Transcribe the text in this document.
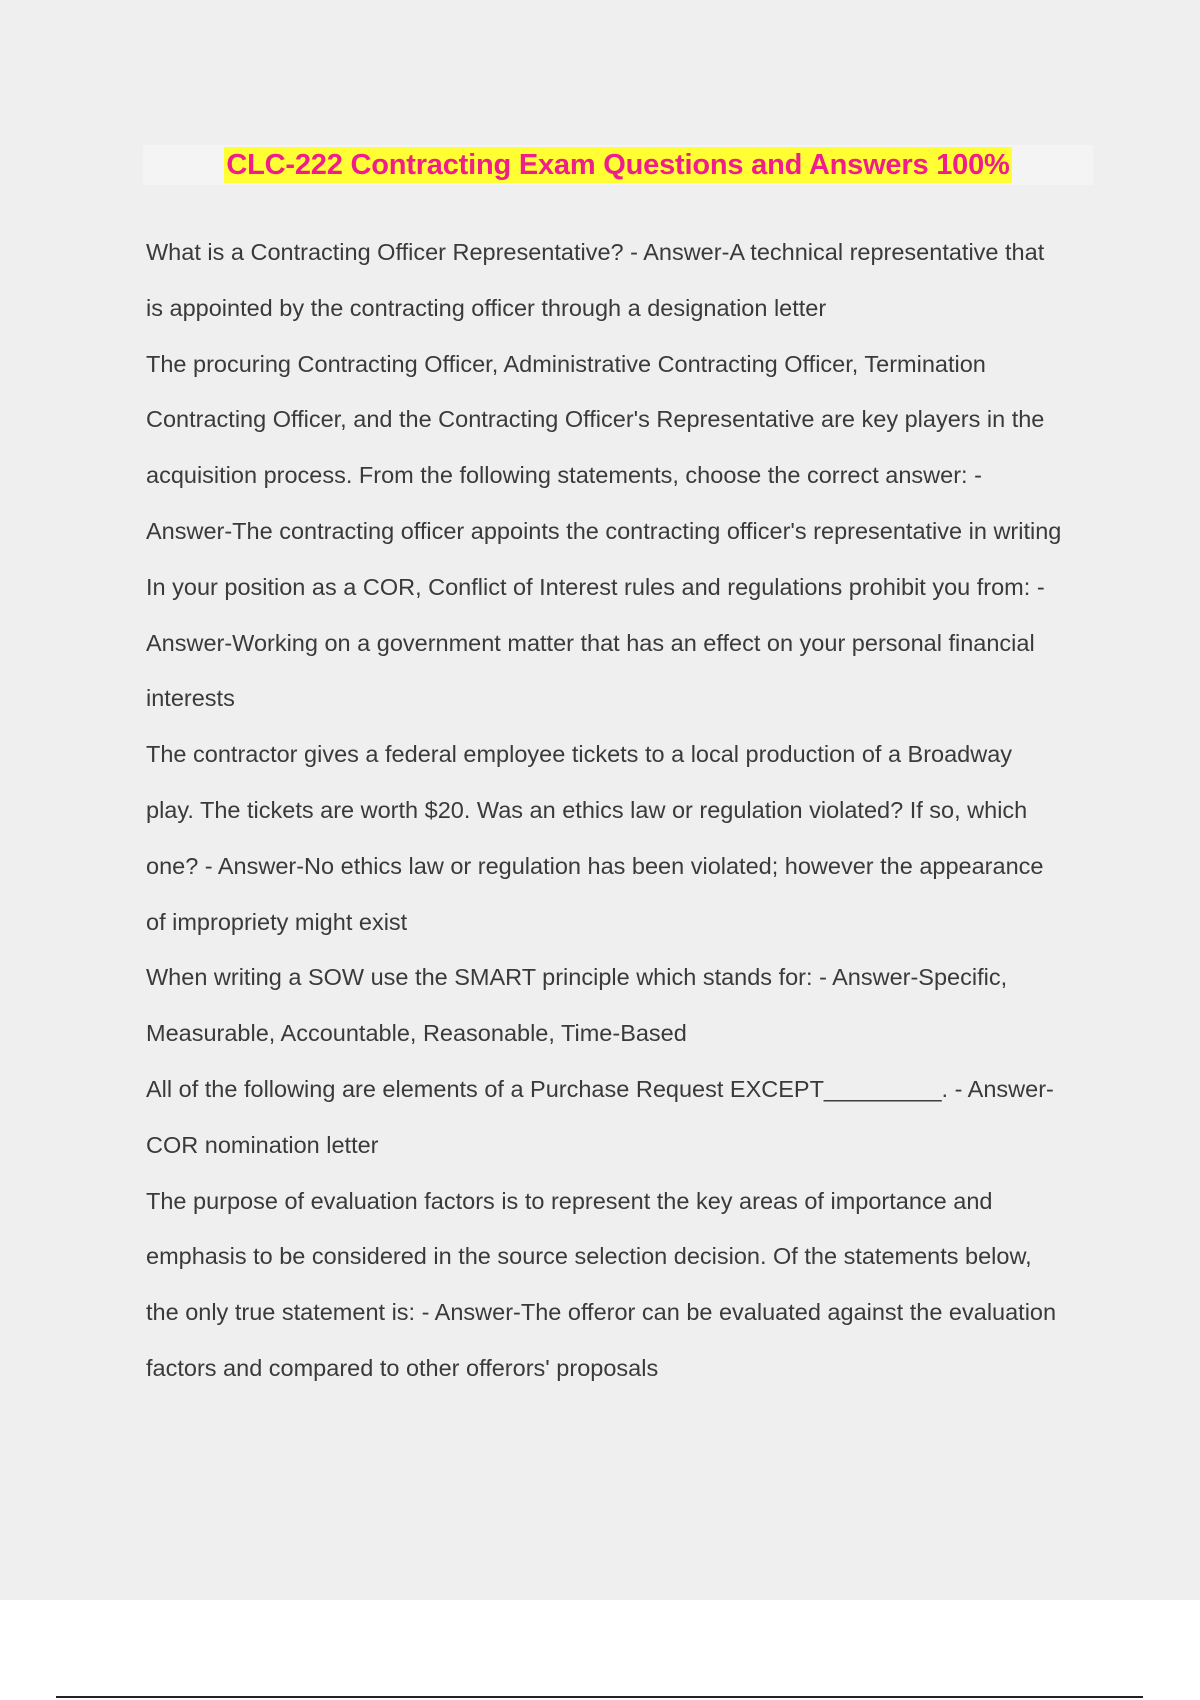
CLC-222 Contracting Exam Questions and Answers 100%
What is a Contracting Officer Representative? - Answer-A technical representative that
is appointed by the contracting officer through a designation letter
The procuring Contracting Officer, Administrative Contracting Officer, Termination
Contracting Officer, and the Contracting Officer's Representative are key players in the
acquisition process. From the following statements, choose the correct answer: -
Answer-The contracting officer appoints the contracting officer's representative in writing
In your position as a COR, Conflict of Interest rules and regulations prohibit you from: -
Answer-Working on a government matter that has an effect on your personal financial
interests
The contractor gives a federal employee tickets to a local production of a Broadway
play. The tickets are worth $20. Was an ethics law or regulation violated? If so, which
one? - Answer-No ethics law or regulation has been violated; however the appearance
of impropriety might exist
When writing a SOW use the SMART principle which stands for: - Answer-Specific,
Measurable, Accountable, Reasonable, Time-Based
All of the following are elements of a Purchase Request EXCEPT_________. - Answer-
COR nomination letter
The purpose of evaluation factors is to represent the key areas of importance and
emphasis to be considered in the source selection decision. Of the statements below,
the only true statement is: - Answer-The offeror can be evaluated against the evaluation
factors and compared to other offerors' proposals
